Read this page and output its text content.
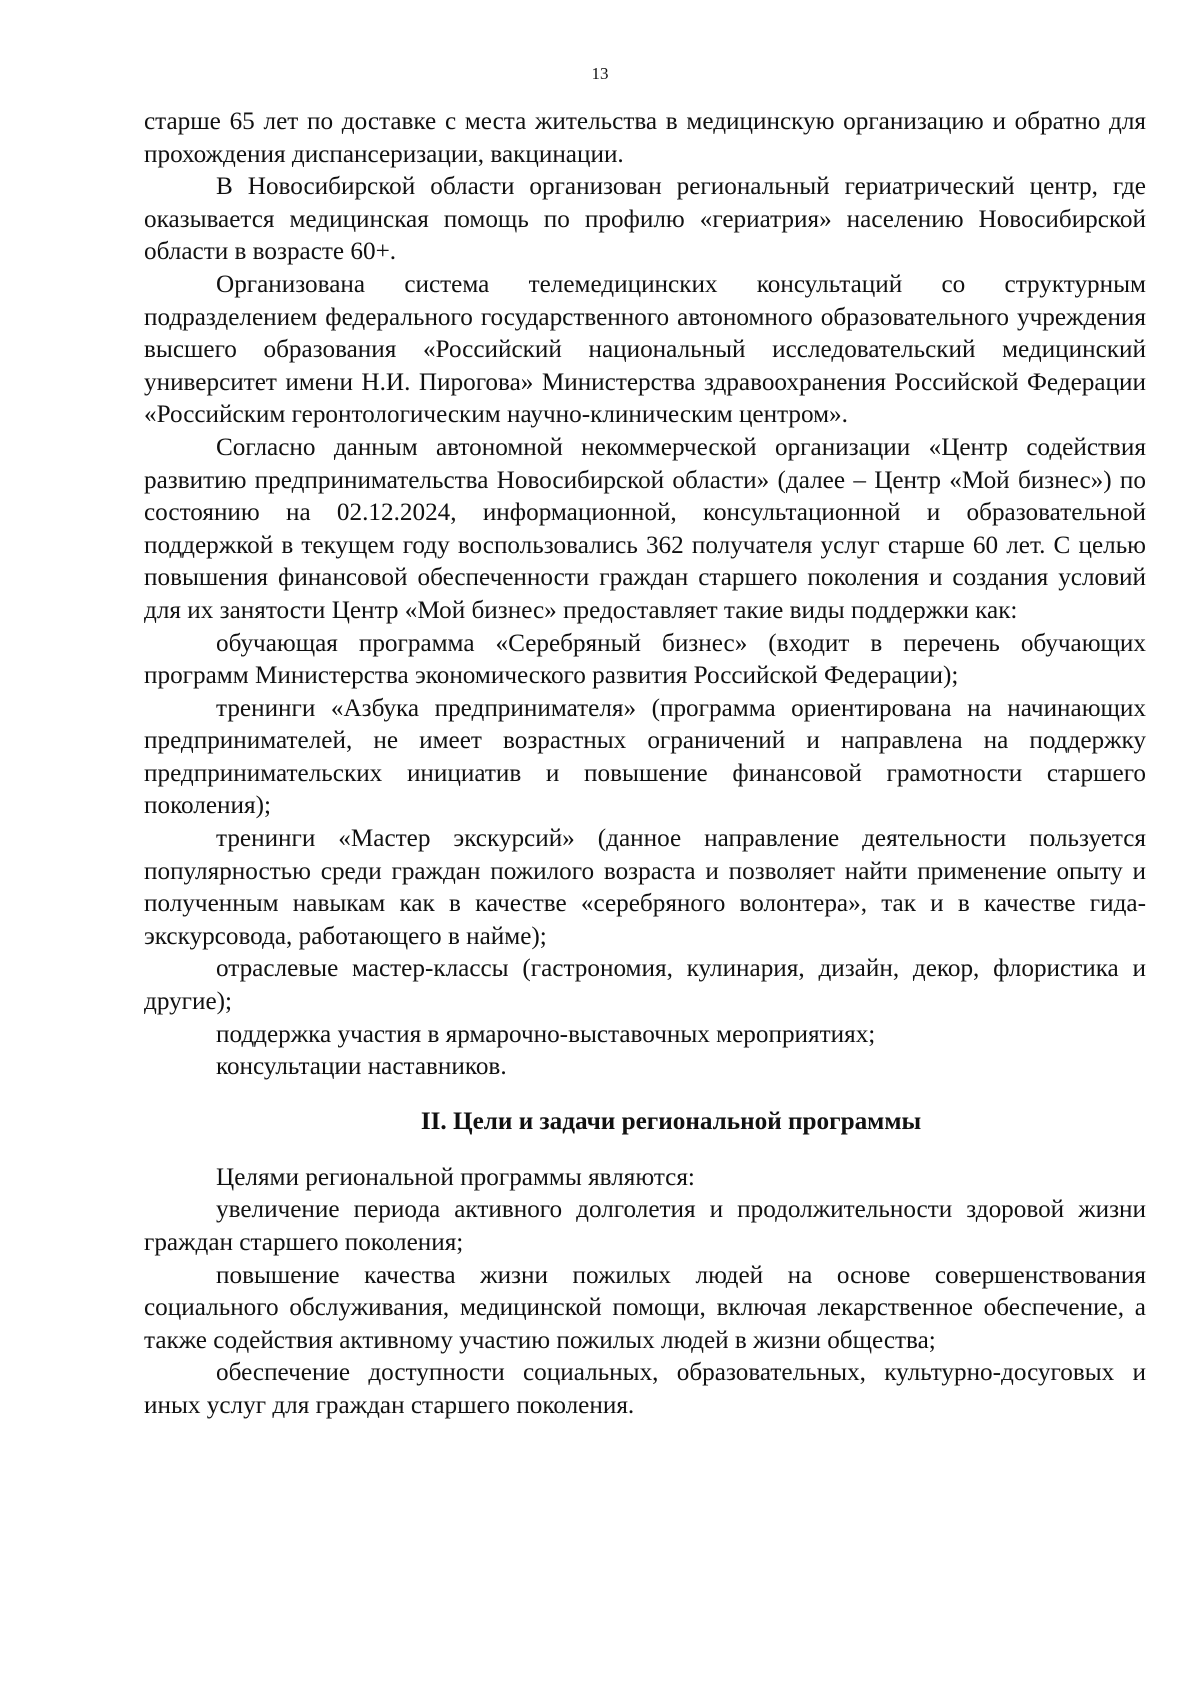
13

старше 65 лет по доставке с места жительства в медицинскую организацию и обратно для прохождения диспансеризации, вакцинации.

В Новосибирской области организован региональный гериатрический центр, где оказывается медицинская помощь по профилю «гериатрия» населению Новосибирской области в возрасте 60+.

Организована система телемедицинских консультаций со структурным подразделением федерального государственного автономного образовательного учреждения высшего образования «Российский национальный исследовательский медицинский университет имени Н.И. Пирогова» Министерства здравоохранения Российской Федерации «Российским геронтологическим научно-клиническим центром».

Согласно данным автономной некоммерческой организации «Центр содействия развитию предпринимательства Новосибирской области» (далее – Центр «Мой бизнес») по состоянию на 02.12.2024, информационной, консультационной и образовательной поддержкой в текущем году воспользовались 362 получателя услуг старше 60 лет. С целью повышения финансовой обеспеченности граждан старшего поколения и создания условий для их занятости Центр «Мой бизнес» предоставляет такие виды поддержки как:

обучающая программа «Серебряный бизнес» (входит в перечень обучающих программ Министерства экономического развития Российской Федерации);

тренинги «Азбука предпринимателя» (программа ориентирована на начинающих предпринимателей, не имеет возрастных ограничений и направлена на поддержку предпринимательских инициатив и повышение финансовой грамотности старшего поколения);

тренинги «Мастер экскурсий» (данное направление деятельности пользуется популярностью среди граждан пожилого возраста и позволяет найти применение опыту и полученным навыкам как в качестве «серебряного волонтера», так и в качестве гида-экскурсовода, работающего в найме);

отраслевые мастер-классы (гастрономия, кулинария, дизайн, декор, флористика и другие);

поддержка участия в ярмарочно-выставочных мероприятиях;

консультации наставников.

II. Цели и задачи региональной программы

Целями региональной программы являются:

увеличение периода активного долголетия и продолжительности здоровой жизни граждан старшего поколения;

повышение качества жизни пожилых людей на основе совершенствования социального обслуживания, медицинской помощи, включая лекарственное обеспечение, а также содействия активному участию пожилых людей в жизни общества;

обеспечение доступности социальных, образовательных, культурно-досуговых и иных услуг для граждан старшего поколения.
